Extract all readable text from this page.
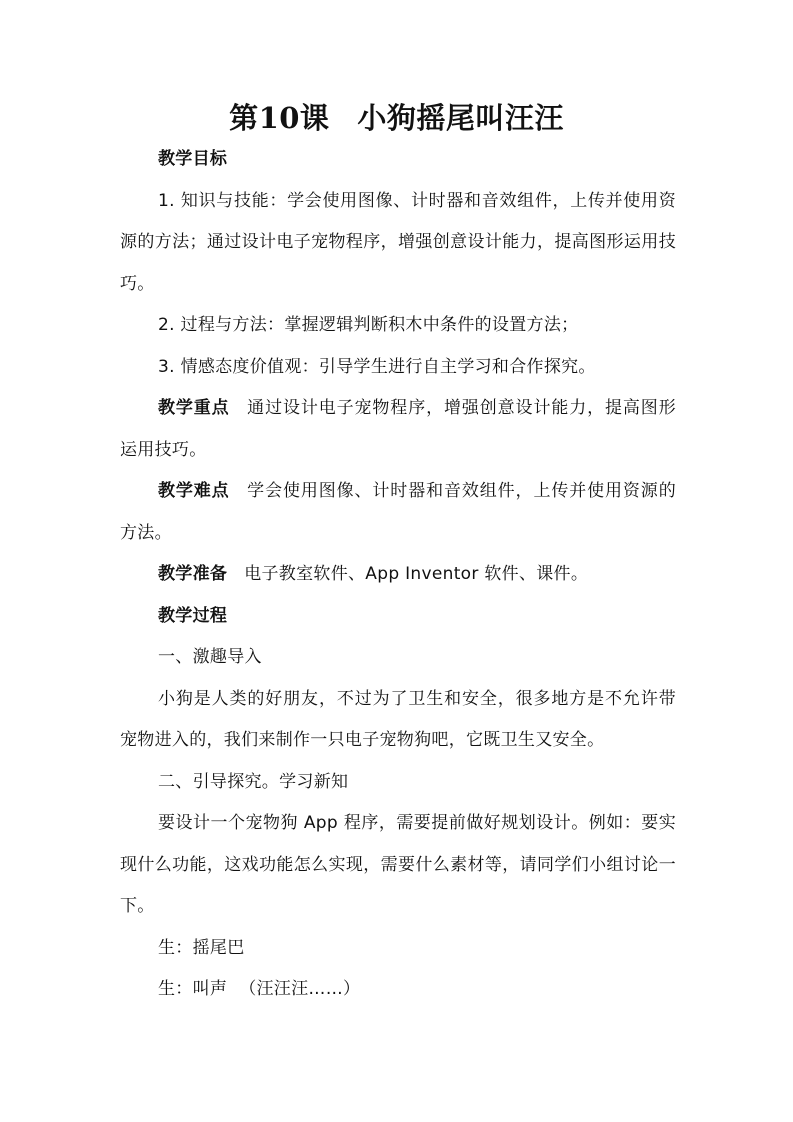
第10课 小狗摇尾叫汪汪

教学目标

1. 知识与技能：学会使用图像、计时器和音效组件，上传并使用资源的方法；通过设计电子宠物程序，增强创意设计能力，提高图形运用技巧。

2. 过程与方法：掌握逻辑判断积木中条件的设置方法；

3. 情感态度价值观：引导学生进行自主学习和合作探究。

教学重点 通过设计电子宠物程序，增强创意设计能力，提高图形运用技巧。

教学难点 学会使用图像、计时器和音效组件，上传并使用资源的方法。

教学准备 电子教室软件、App Inventor 软件、课件。

教学过程

一、激趣导入

小狗是人类的好朋友，不过为了卫生和安全，很多地方是不允许带宠物进入的，我们来制作一只电子宠物狗吧，它既卫生又安全。

二、引导探究。学习新知

要设计一个宠物狗 App 程序，需要提前做好规划设计。例如：要实现什么功能，这戏功能怎么实现，需要什么素材等，请同学们小组讨论一下。

生：摇尾巴

生：叫声 （汪汪汪……）
